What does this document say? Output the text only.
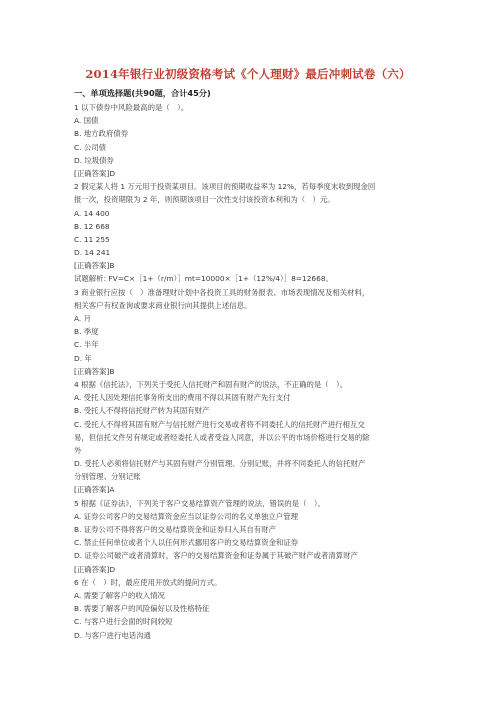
2014年银行业初级资格考试《个人理财》最后冲刺试卷（六）
一、单项选择题(共90题，合计45分)
1 以下债券中风险最高的是（　）。
A. 国债
B. 地方政府债券
C. 公司债
D. 垃圾债券
[正确答案]D
2 假定某人将 1 万元用于投资某项目。该项目的预期收益率为 12%，若每季度末收到现金回
报一次，投资期限为 2 年，则预期该项目一次性支付该投资本利和为（　）元。
A. 14 400
B. 12 668
C. 11 255
D. 14 241
[正确答案]B
试题解析: FV=C×［1+（r/m）］mt=10000×［1+（12%/4）］8=12668。
3 商业银行应按（　）准备理财计划中各投资工具的财务报表、市场表现情况及相关材料，
相关客户有权查询或要求商业银行向其提供上述信息。
A. 月
B. 季度
C. 半年
D. 年
[正确答案]B
4 根据《信托法》，下列关于受托人信托财产和固有财产的说法，不正确的是（　）。
A. 受托人因处理信托事务所支出的费用不得以其固有财产先行支付
B. 受托人不得将信托财产转为其固有财产
C. 受托人不得将其固有财产与信托财产进行交易或者将不同委托人的信托财产进行相互交
易，但信托文件另有规定或者经委托人或者受益人同意，并以公平的市场价格进行交易的除
外
D. 受托人必须将信托财产与其固有财产分别管理、分别记账，并将不同委托人的信托财产
分别管理、分别记账
[正确答案]A
5 根据《证券法》，下列关于客户交易结算资产管理的说法，错误的是（　）。
A. 证券公司客户的交易结算资金应当以证券公司的名义单独立户管理
B. 证券公司不得将客户的交易结算资金和证券归入其自有财产
C. 禁止任何单位或者个人以任何形式挪用客户的交易结算资金和证券
D. 证券公司破产或者清算时，客户的交易结算资金和证券属于其破产财产或者清算财产
[正确答案]D
6 在（　）时，最应使用开放式的提问方式。
A. 需要了解客户的收入情况
B. 需要了解客户的风险偏好以及性格特征
C. 与客户进行会面的时间较短
D. 与客户进行电话沟通
